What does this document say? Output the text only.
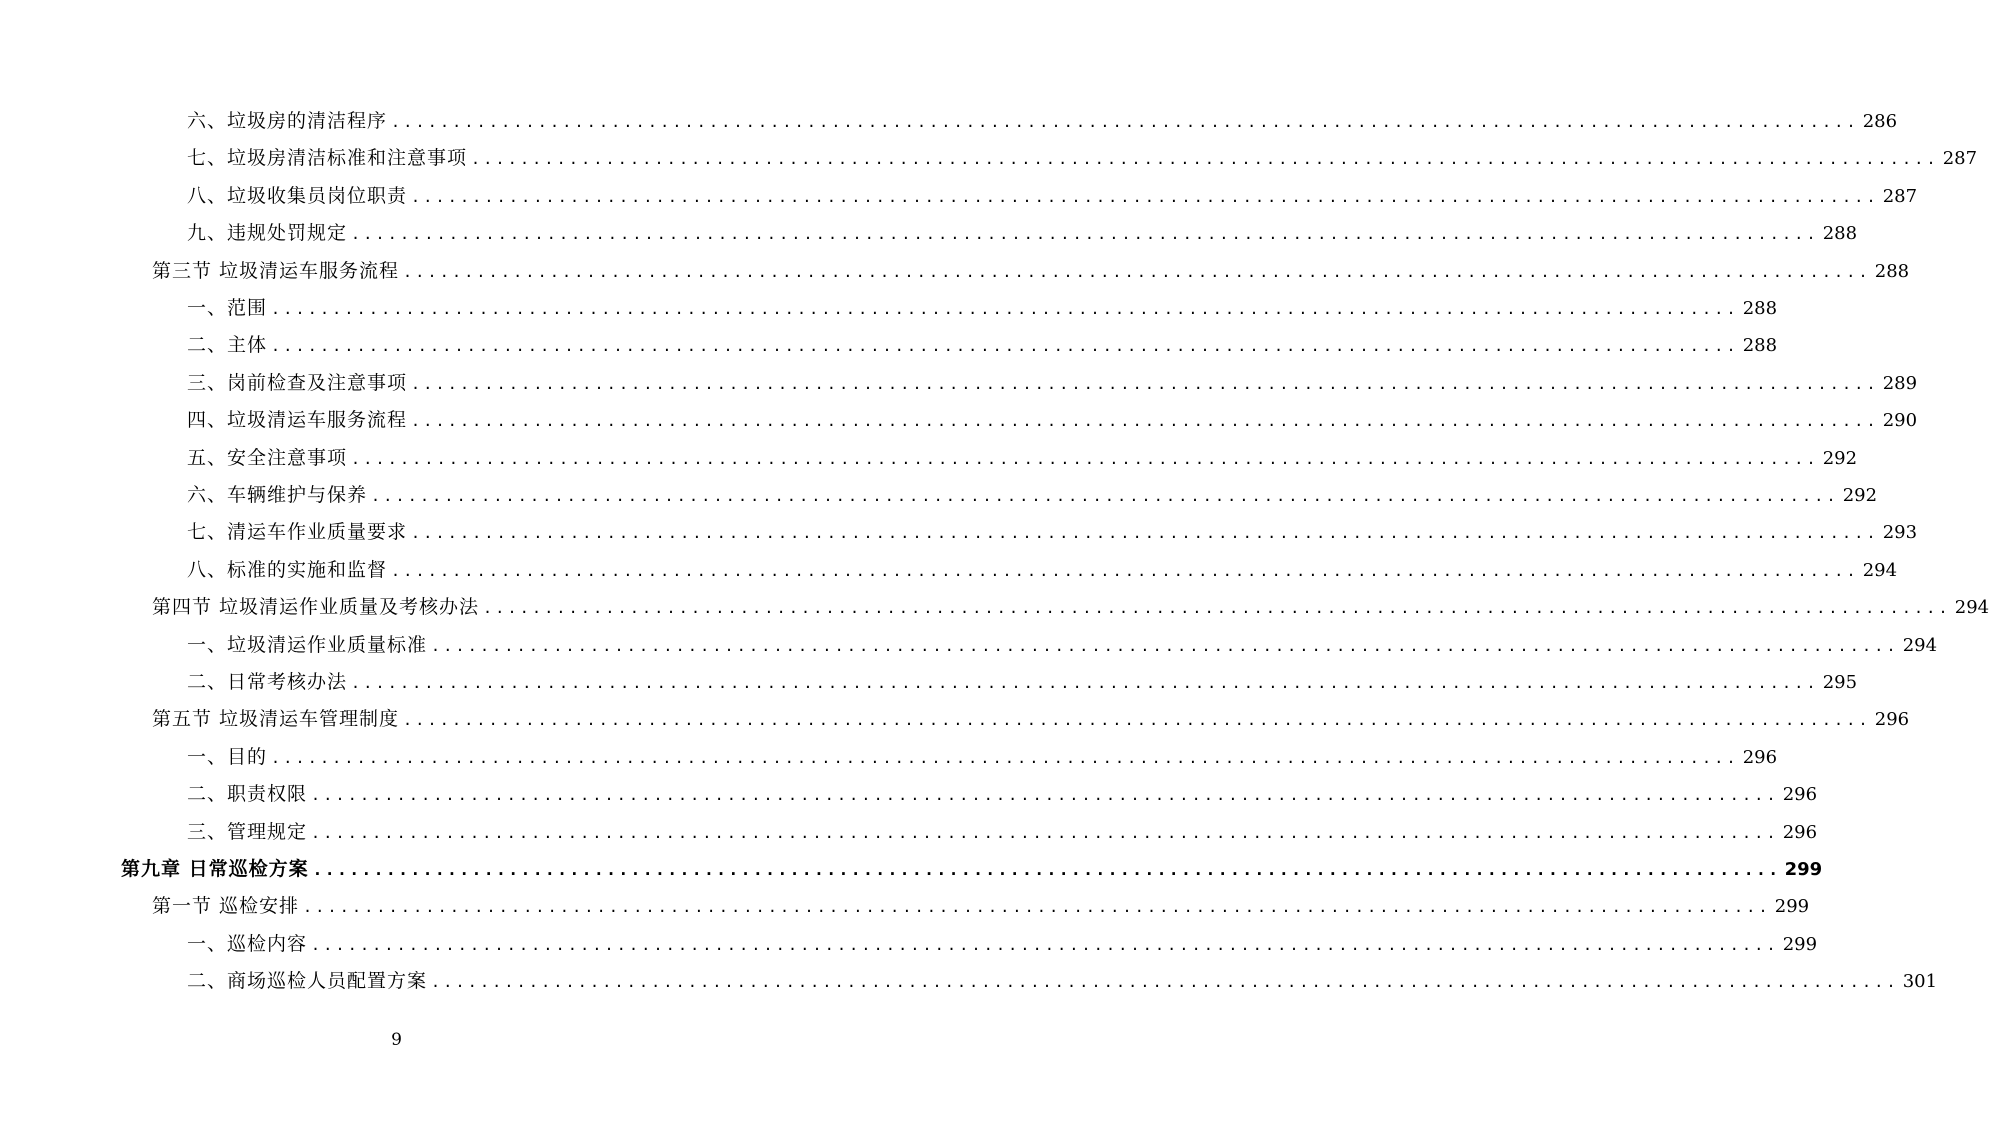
六、垃圾房的清洁程序 ........................................................................................................................ 286
七、垃圾房清洁标准和注意事项 ........................................................................................................................ 287
八、垃圾收集员岗位职责 ........................................................................................................................ 287
九、违规处罚规定 ........................................................................................................................ 288
第三节 垃圾清运车服务流程 ........................................................................................................................ 288
一、范围 ........................................................................................................................ 288
二、主体 ........................................................................................................................ 288
三、岗前检查及注意事项 ........................................................................................................................ 289
四、垃圾清运车服务流程 ........................................................................................................................ 290
五、安全注意事项 ........................................................................................................................ 292
六、车辆维护与保养 ........................................................................................................................ 292
七、清运车作业质量要求 ........................................................................................................................ 293
八、标准的实施和监督 ........................................................................................................................ 294
第四节 垃圾清运作业质量及考核办法 ........................................................................................................................ 294
一、垃圾清运作业质量标准 ........................................................................................................................ 294
二、日常考核办法 ........................................................................................................................ 295
第五节 垃圾清运车管理制度 ........................................................................................................................ 296
一、目的 ........................................................................................................................ 296
二、职责权限 ........................................................................................................................ 296
三、管理规定 ........................................................................................................................ 296
第九章 日常巡检方案 ........................................................................................................................ 299
第一节 巡检安排 ........................................................................................................................ 299
一、巡检内容 ........................................................................................................................ 299
二、商场巡检人员配置方案 ........................................................................................................................ 301
9
